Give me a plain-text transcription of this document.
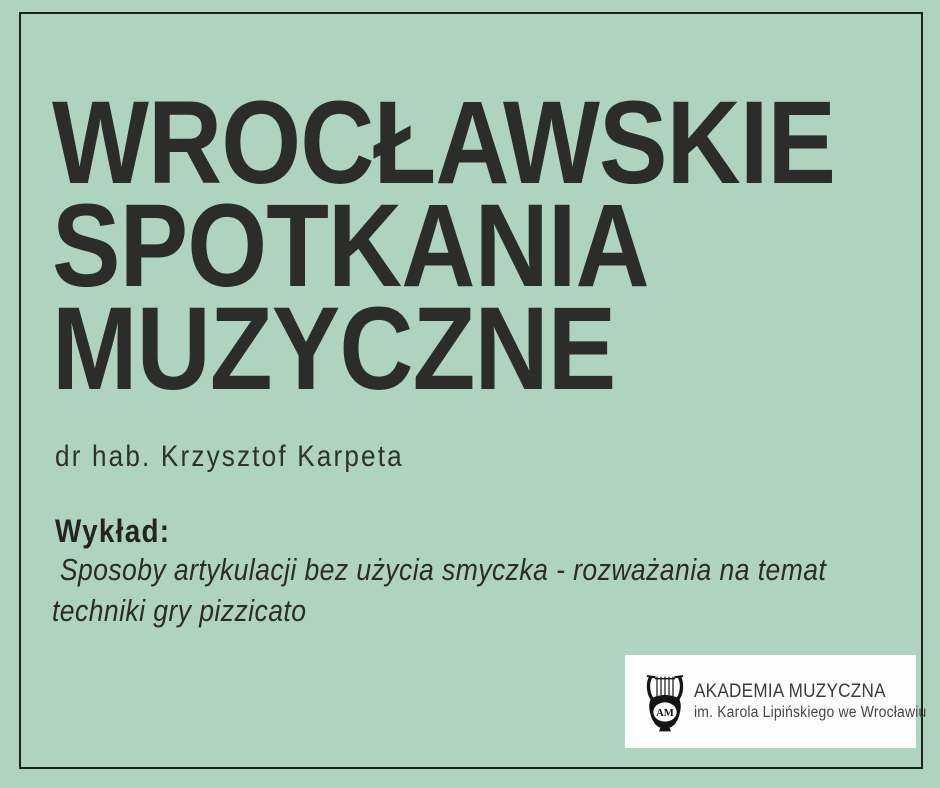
WROCŁAWSKIE
SPOTKANIA
MUZYCZNE
dr hab. Krzysztof Karpeta
Wykład:
Sposoby artykulacji bez użycia smyczka - rozważania na temat
techniki gry pizzicato
AM
AKADEMIA MUZYCZNA
im. Karola Lipińskiego we Wrocławiu
